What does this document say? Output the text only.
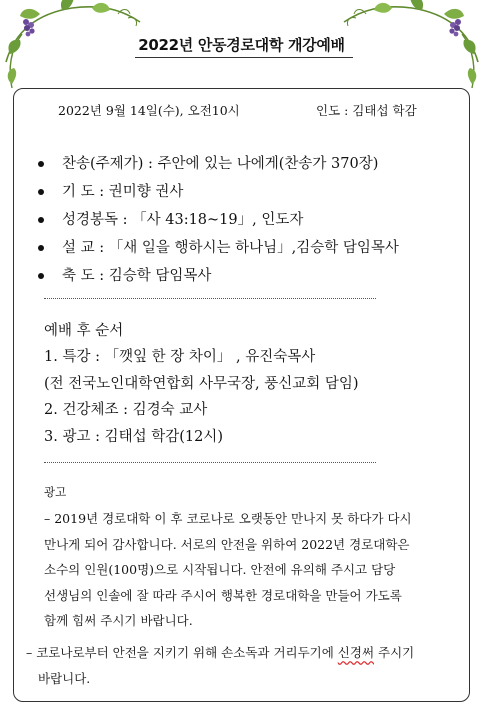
2022년 안동경로대학 개강예배
2022년 9월 14일(수), 오전10시	인도 : 김태섭 학감
찬송(주제가) : 주안에 있는 나에게(찬송가 370장)
기 도 : 권미향 권사
성경봉독 : 「사 43:18~19」, 인도자
설 교 : 「새 일을 행하시는 하나님」,김승학 담임목사
축 도 : 김승학 담임목사
예배 후 순서
1. 특강 : 「깻잎 한 장 차이」 , 유진숙목사
(전 전국노인대학연합회 사무국장, 풍신교회 담임)
2. 건강체조 : 김경숙 교사
3. 광고 : 김태섭 학감(12시)
광고

– 2019년 경로대학 이 후 코로나로 오랫동안 만나지 못 하다가 다시

만나게 되어 감사합니다. 서로의 안전을 위하여 2022년 경로대학은

소수의 인원(100명)으로 시작됩니다. 안전에 유의해 주시고 담당

선생님의 인솔에 잘 따라 주시어 행복한 경로대학을 만들어 가도록

함께 힘써 주시기 바랍니다.

– 코로나로부터 안전을 지키기 위해 손소독과 거리두기에 신경써 주시기

바랍니다.
